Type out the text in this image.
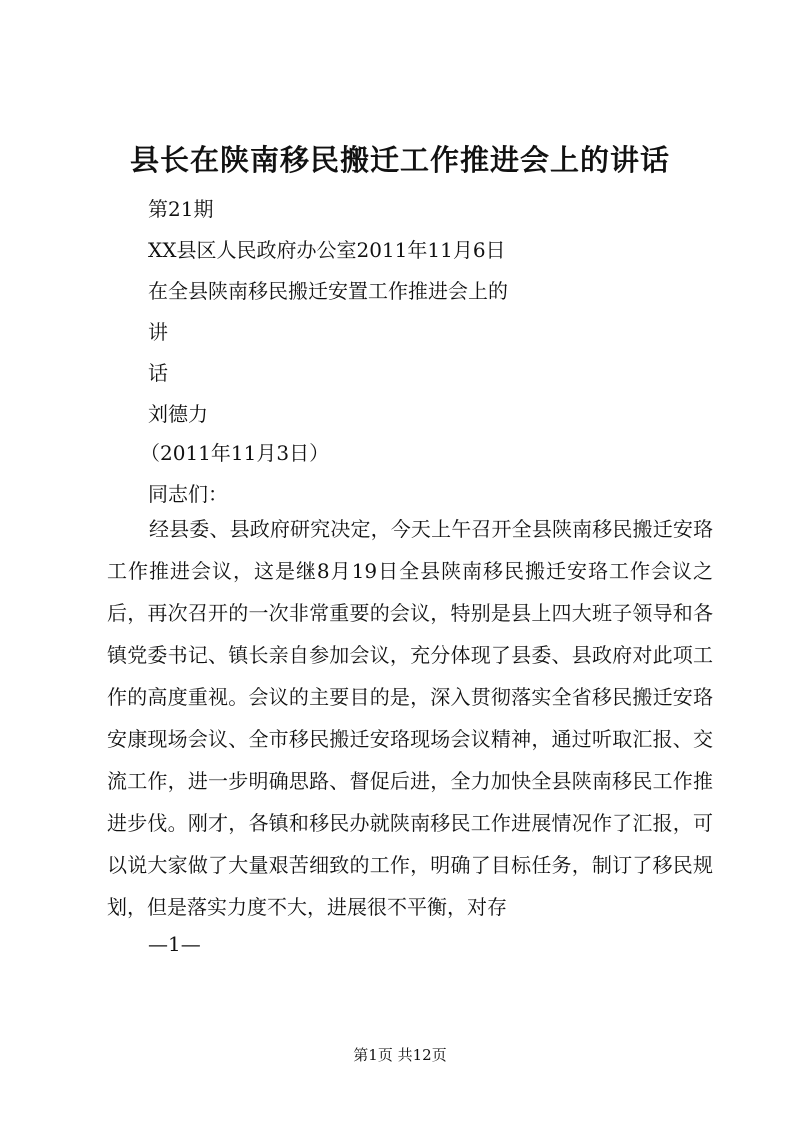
县长在陕南移民搬迁工作推进会上的讲话
第21期
XX县区人民政府办公室2011年11月6日
在全县陕南移民搬迁安置工作推进会上的
讲
话
刘德力
（2011年11月3日）
同志们：
经县委、县政府研究决定，今天上午召开全县陕南移民搬迁安珞工作推进会议，这是继8月19日全县陕南移民搬迁安珞工作会议之后，再次召开的一次非常重要的会议，特别是县上四大班子领导和各镇党委书记、镇长亲自参加会议，充分体现了县委、县政府对此项工作的高度重视。会议的主要目的是，深入贯彻落实全省移民搬迁安珞安康现场会议、全市移民搬迁安珞现场会议精神，通过听取汇报、交流工作，进一步明确思路、督促后进，全力加快全县陕南移民工作推进步伐。刚才，各镇和移民办就陕南移民工作进展情况作了汇报，可以说大家做了大量艰苦细致的工作，明确了目标任务，制订了移民规划，但是落实力度不大，进展很不平衡，对存
—1—
第1页 共12页
